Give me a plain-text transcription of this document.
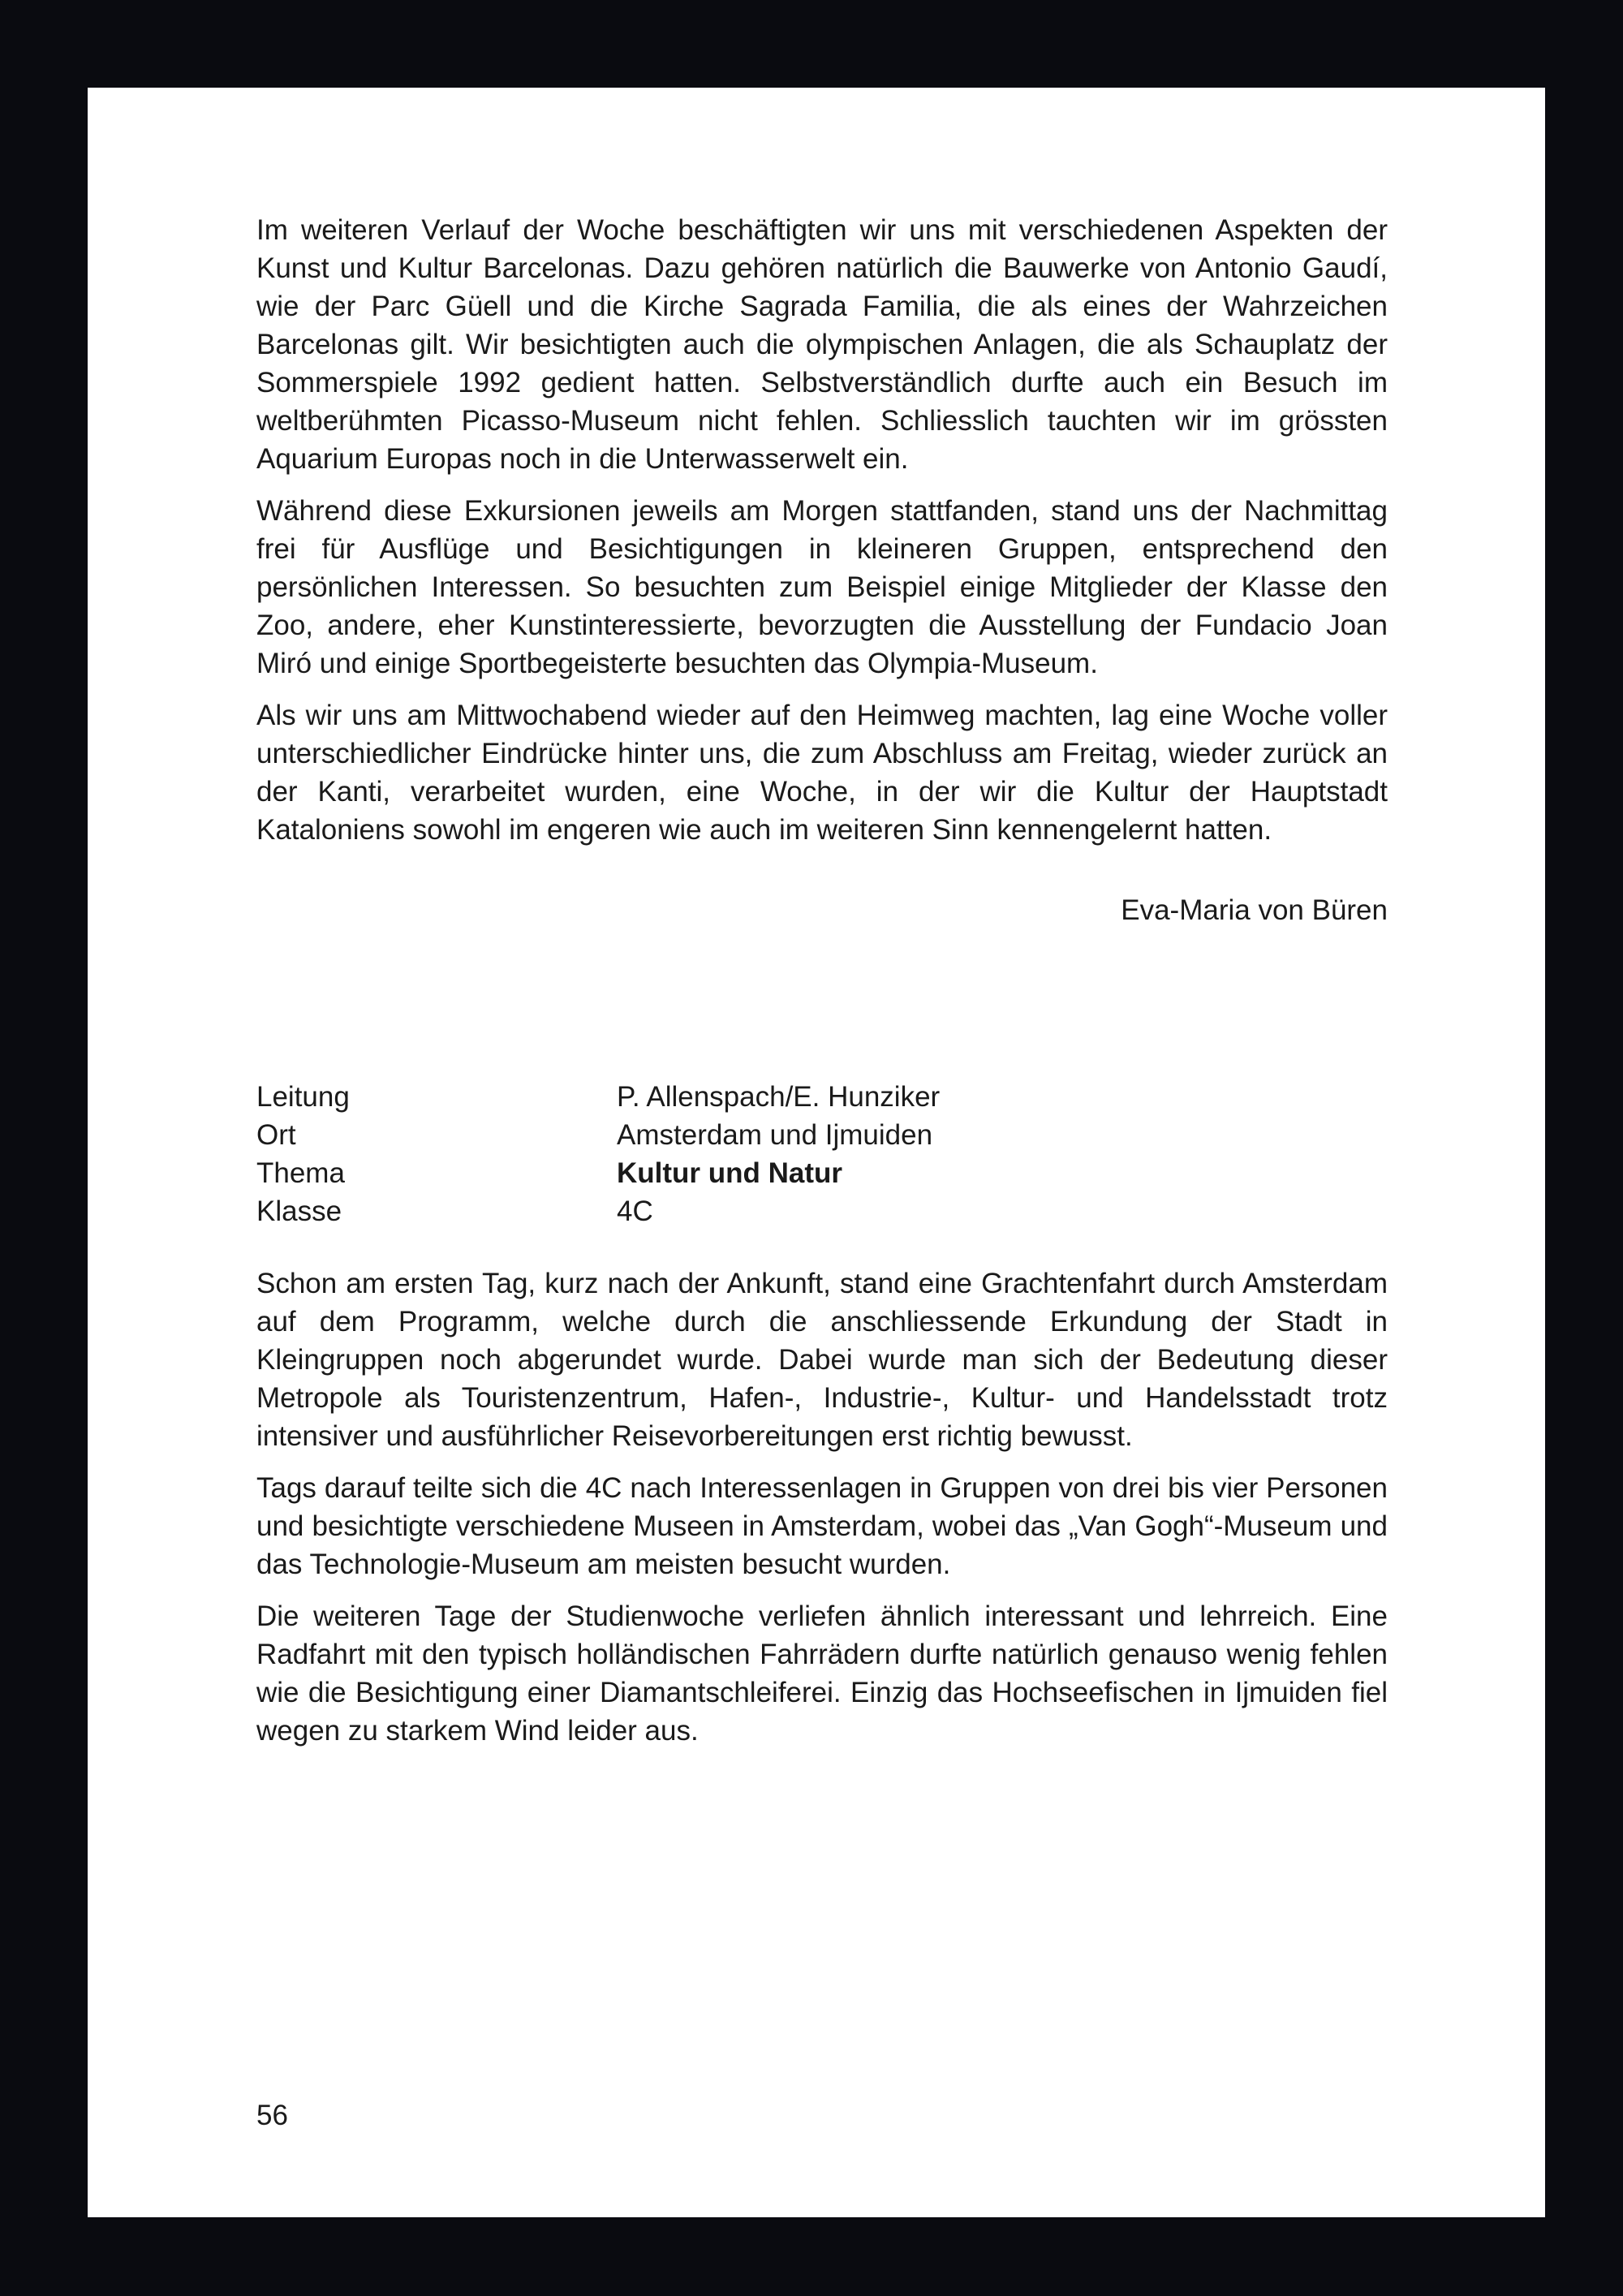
Im weiteren Verlauf der Woche beschäftigten wir uns mit verschiedenen Aspekten der Kunst und Kultur Barcelonas. Dazu gehören natürlich die Bauwerke von Antonio Gaudí, wie der Parc Güell und die Kirche Sagrada Familia, die als eines der Wahrzeichen Barcelonas gilt. Wir besichtigten auch die olympischen Anlagen, die als Schauplatz der Sommerspiele 1992 gedient hatten. Selbstverständlich durfte auch ein Besuch im weltberühmten Picasso-Museum nicht fehlen. Schliesslich tauchten wir im grössten Aquarium Europas noch in die Unterwasserwelt ein.

Während diese Exkursionen jeweils am Morgen stattfanden, stand uns der Nachmittag frei für Ausflüge und Besichtigungen in kleineren Gruppen, entsprechend den persönlichen Interessen. So besuchten zum Beispiel einige Mitglieder der Klasse den Zoo, andere, eher Kunstinteressierte, bevorzugten die Ausstellung der Fundacio Joan Miró und einige Sportbegeisterte besuchten das Olympia-Museum.

Als wir uns am Mittwochabend wieder auf den Heimweg machten, lag eine Woche voller unterschiedlicher Eindrücke hinter uns, die zum Abschluss am Freitag, wieder zurück an der Kanti, verarbeitet wurden, eine Woche, in der wir die Kultur der Hauptstadt Kataloniens sowohl im engeren wie auch im weiteren Sinn kennengelernt hatten.

Eva-Maria von Büren
Leitung	P. Allenspach/E. Hunziker
Ort	Amsterdam und Ijmuiden
Thema	Kultur und Natur
Klasse	4C

Schon am ersten Tag, kurz nach der Ankunft, stand eine Grachtenfahrt durch Amsterdam auf dem Programm, welche durch die anschliessende Erkundung der Stadt in Kleingruppen noch abgerundet wurde. Dabei wurde man sich der Bedeutung dieser Metropole als Touristenzentrum, Hafen-, Industrie-, Kultur- und Handelsstadt trotz intensiver und ausführlicher Reisevorbereitungen erst richtig bewusst.

Tags darauf teilte sich die 4C nach Interessenlagen in Gruppen von drei bis vier Personen und besichtigte verschiedene Museen in Amsterdam, wobei das „Van Gogh“-Museum und das Technologie-Museum am meisten besucht wurden.

Die weiteren Tage der Studienwoche verliefen ähnlich interessant und lehrreich. Eine Radfahrt mit den typisch holländischen Fahrrädern durfte natürlich genauso wenig fehlen wie die Besichtigung einer Diamantschleiferei. Einzig das Hochseefischen in Ijmuiden fiel wegen zu starkem Wind leider aus.

56
